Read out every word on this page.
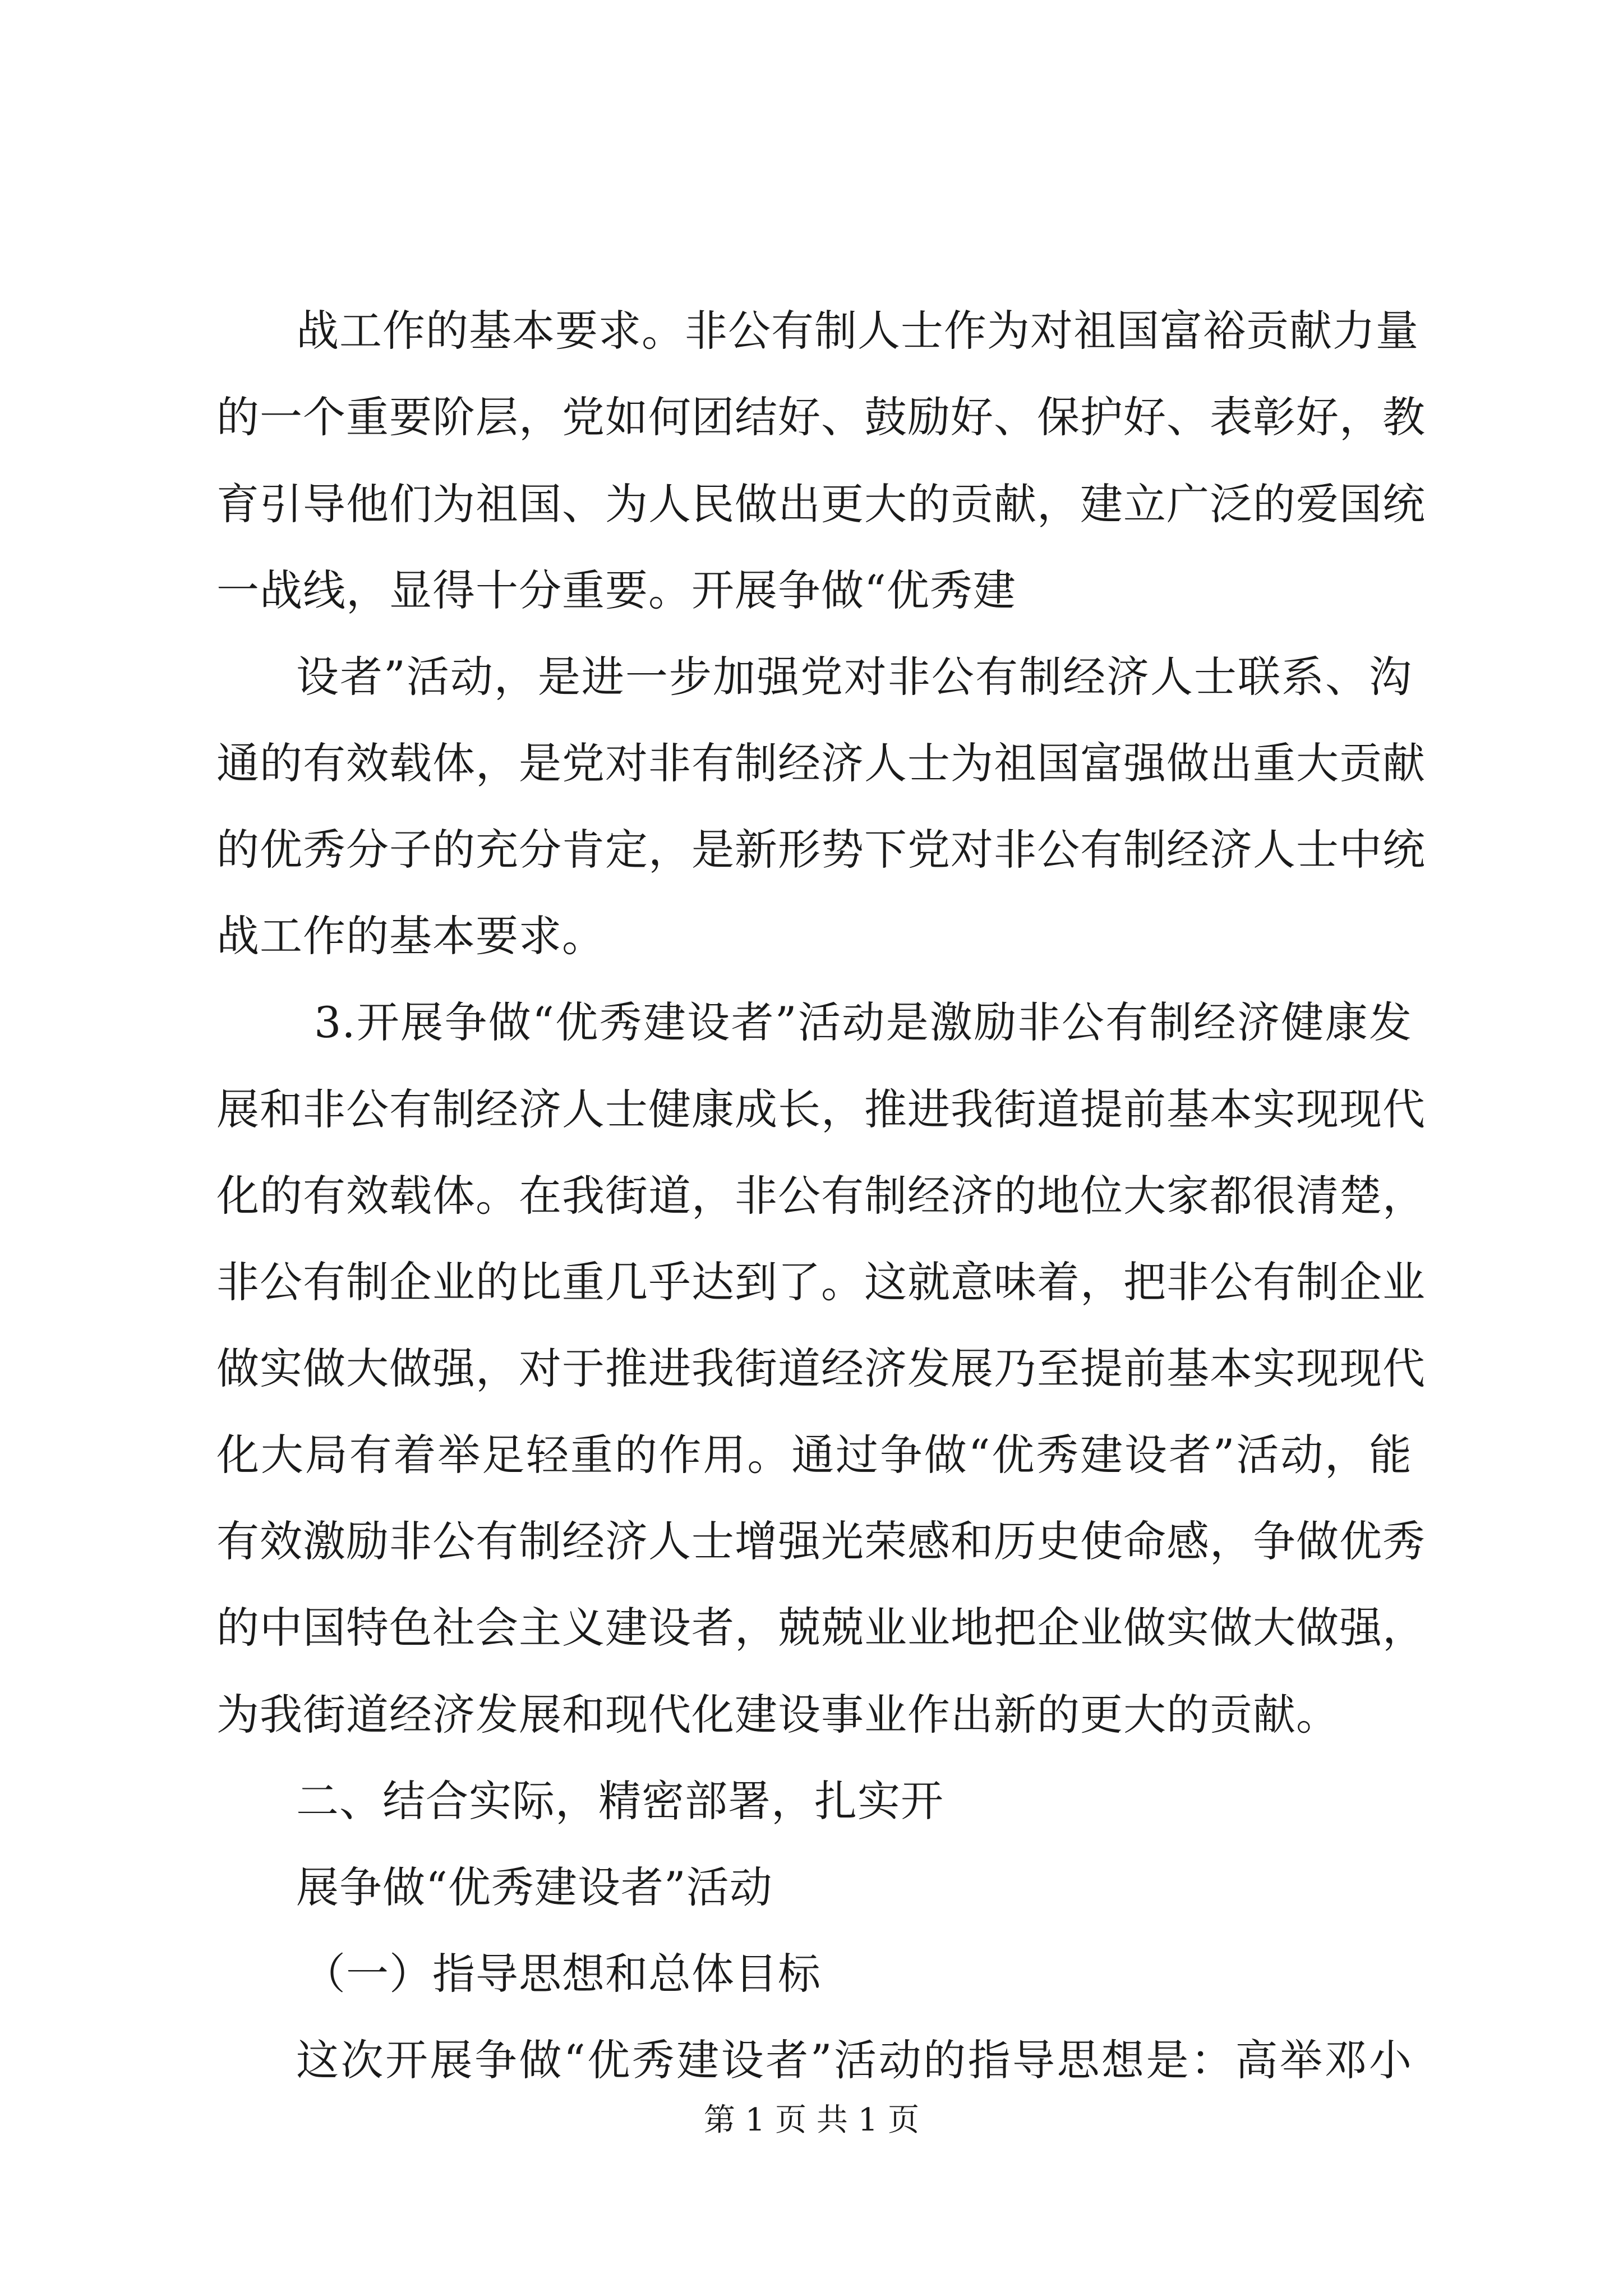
战工作的基本要求。非公有制人士作为对祖国富裕贡献力量
的一个重要阶层，党如何团结好、鼓励好、保护好、表彰好，教
育引导他们为祖国、为人民做出更大的贡献，建立广泛的爱国统
一战线，显得十分重要。开展争做“优秀建
设者”活动，是进一步加强党对非公有制经济人士联系、沟
通的有效载体，是党对非有制经济人士为祖国富强做出重大贡献
的优秀分子的充分肯定，是新形势下党对非公有制经济人士中统
战工作的基本要求。
3.开展争做“优秀建设者”活动是激励非公有制经济健康发
展和非公有制经济人士健康成长，推进我街道提前基本实现现代
化的有效载体。在我街道，非公有制经济的地位大家都很清楚，
非公有制企业的比重几乎达到了。这就意味着，把非公有制企业
做实做大做强，对于推进我街道经济发展乃至提前基本实现现代
化大局有着举足轻重的作用。通过争做“优秀建设者”活动，能
有效激励非公有制经济人士增强光荣感和历史使命感，争做优秀
的中国特色社会主义建设者，兢兢业业地把企业做实做大做强，
为我街道经济发展和现代化建设事业作出新的更大的贡献。
二、结合实际，精密部署，扎实开
展争做“优秀建设者”活动
（一）指导思想和总体目标
这次开展争做“优秀建设者”活动的指导思想是：高举邓小
第 1 页 共 1 页
